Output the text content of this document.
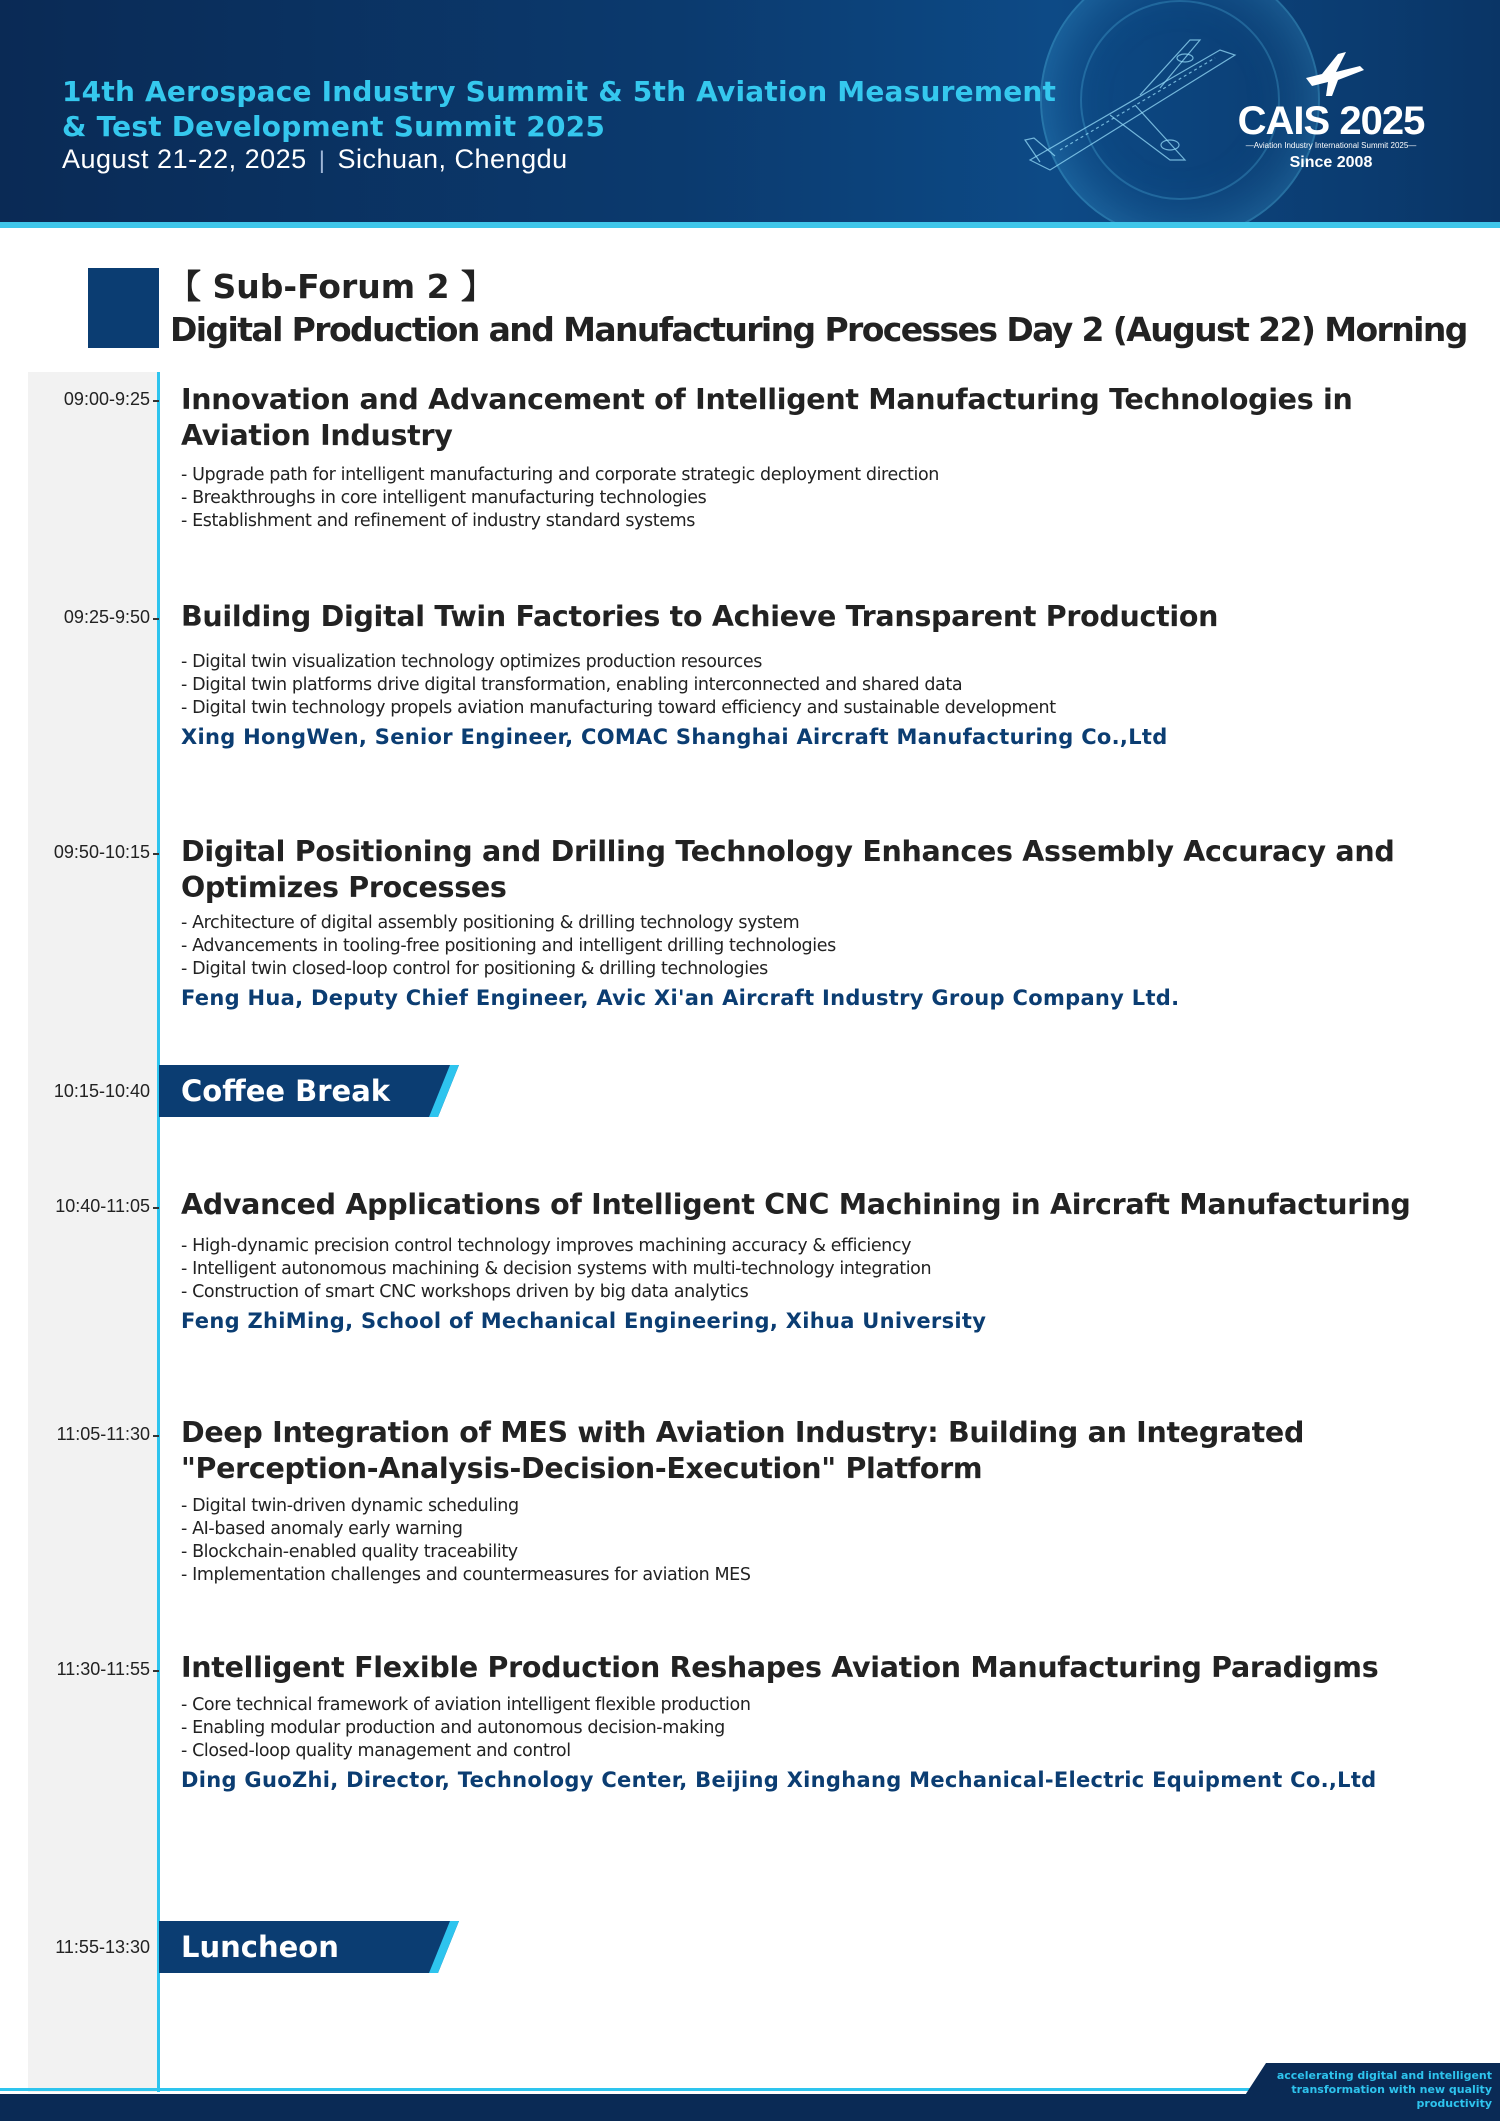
14th Aerospace Industry Summit & 5th Aviation Measurement
& Test Development Summit 2025
August 21-22, 2025 | Sichuan, Chengdu
CAIS 2025
—Aviation Industry International Summit 2025—
Since 2008
【 Sub-Forum 2 】
Digital Production and Manufacturing Processes Day 2 (August 22) Morning
09:00-9:25 Innovation and Advancement of Intelligent Manufacturing Technologies in
Aviation Industry
- Upgrade path for intelligent manufacturing and corporate strategic deployment direction
- Breakthroughs in core intelligent manufacturing technologies
- Establishment and refinement of industry standard systems
09:25-9:50 Building Digital Twin Factories to Achieve Transparent Production
- Digital twin visualization technology optimizes production resources
- Digital twin platforms drive digital transformation, enabling interconnected and shared data
- Digital twin technology propels aviation manufacturing toward efficiency and sustainable development
Xing HongWen, Senior Engineer, COMAC Shanghai Aircraft Manufacturing Co.,Ltd
09:50-10:15 Digital Positioning and Drilling Technology Enhances Assembly Accuracy and
Optimizes Processes
- Architecture of digital assembly positioning & drilling technology system
- Advancements in tooling-free positioning and intelligent drilling technologies
- Digital twin closed-loop control for positioning & drilling technologies
Feng Hua, Deputy Chief Engineer, Avic Xi'an Aircraft Industry Group Company Ltd.
10:15-10:40 Coffee Break
10:40-11:05 Advanced Applications of Intelligent CNC Machining in Aircraft Manufacturing
- High-dynamic precision control technology improves machining accuracy & efficiency
- Intelligent autonomous machining & decision systems with multi-technology integration
- Construction of smart CNC workshops driven by big data analytics
Feng ZhiMing, School of Mechanical Engineering, Xihua University
11:05-11:30 Deep Integration of MES with Aviation Industry: Building an Integrated
"Perception-Analysis-Decision-Execution" Platform
- Digital twin-driven dynamic scheduling
- AI-based anomaly early warning
- Blockchain-enabled quality traceability
- Implementation challenges and countermeasures for aviation MES
11:30-11:55 Intelligent Flexible Production Reshapes Aviation Manufacturing Paradigms
- Core technical framework of aviation intelligent flexible production
- Enabling modular production and autonomous decision-making
- Closed-loop quality management and control
Ding GuoZhi, Director, Technology Center, Beijing Xinghang Mechanical-Electric Equipment Co.,Ltd
11:55-13:30 Luncheon
accelerating digital and intelligent
transformation with new quality productivity
